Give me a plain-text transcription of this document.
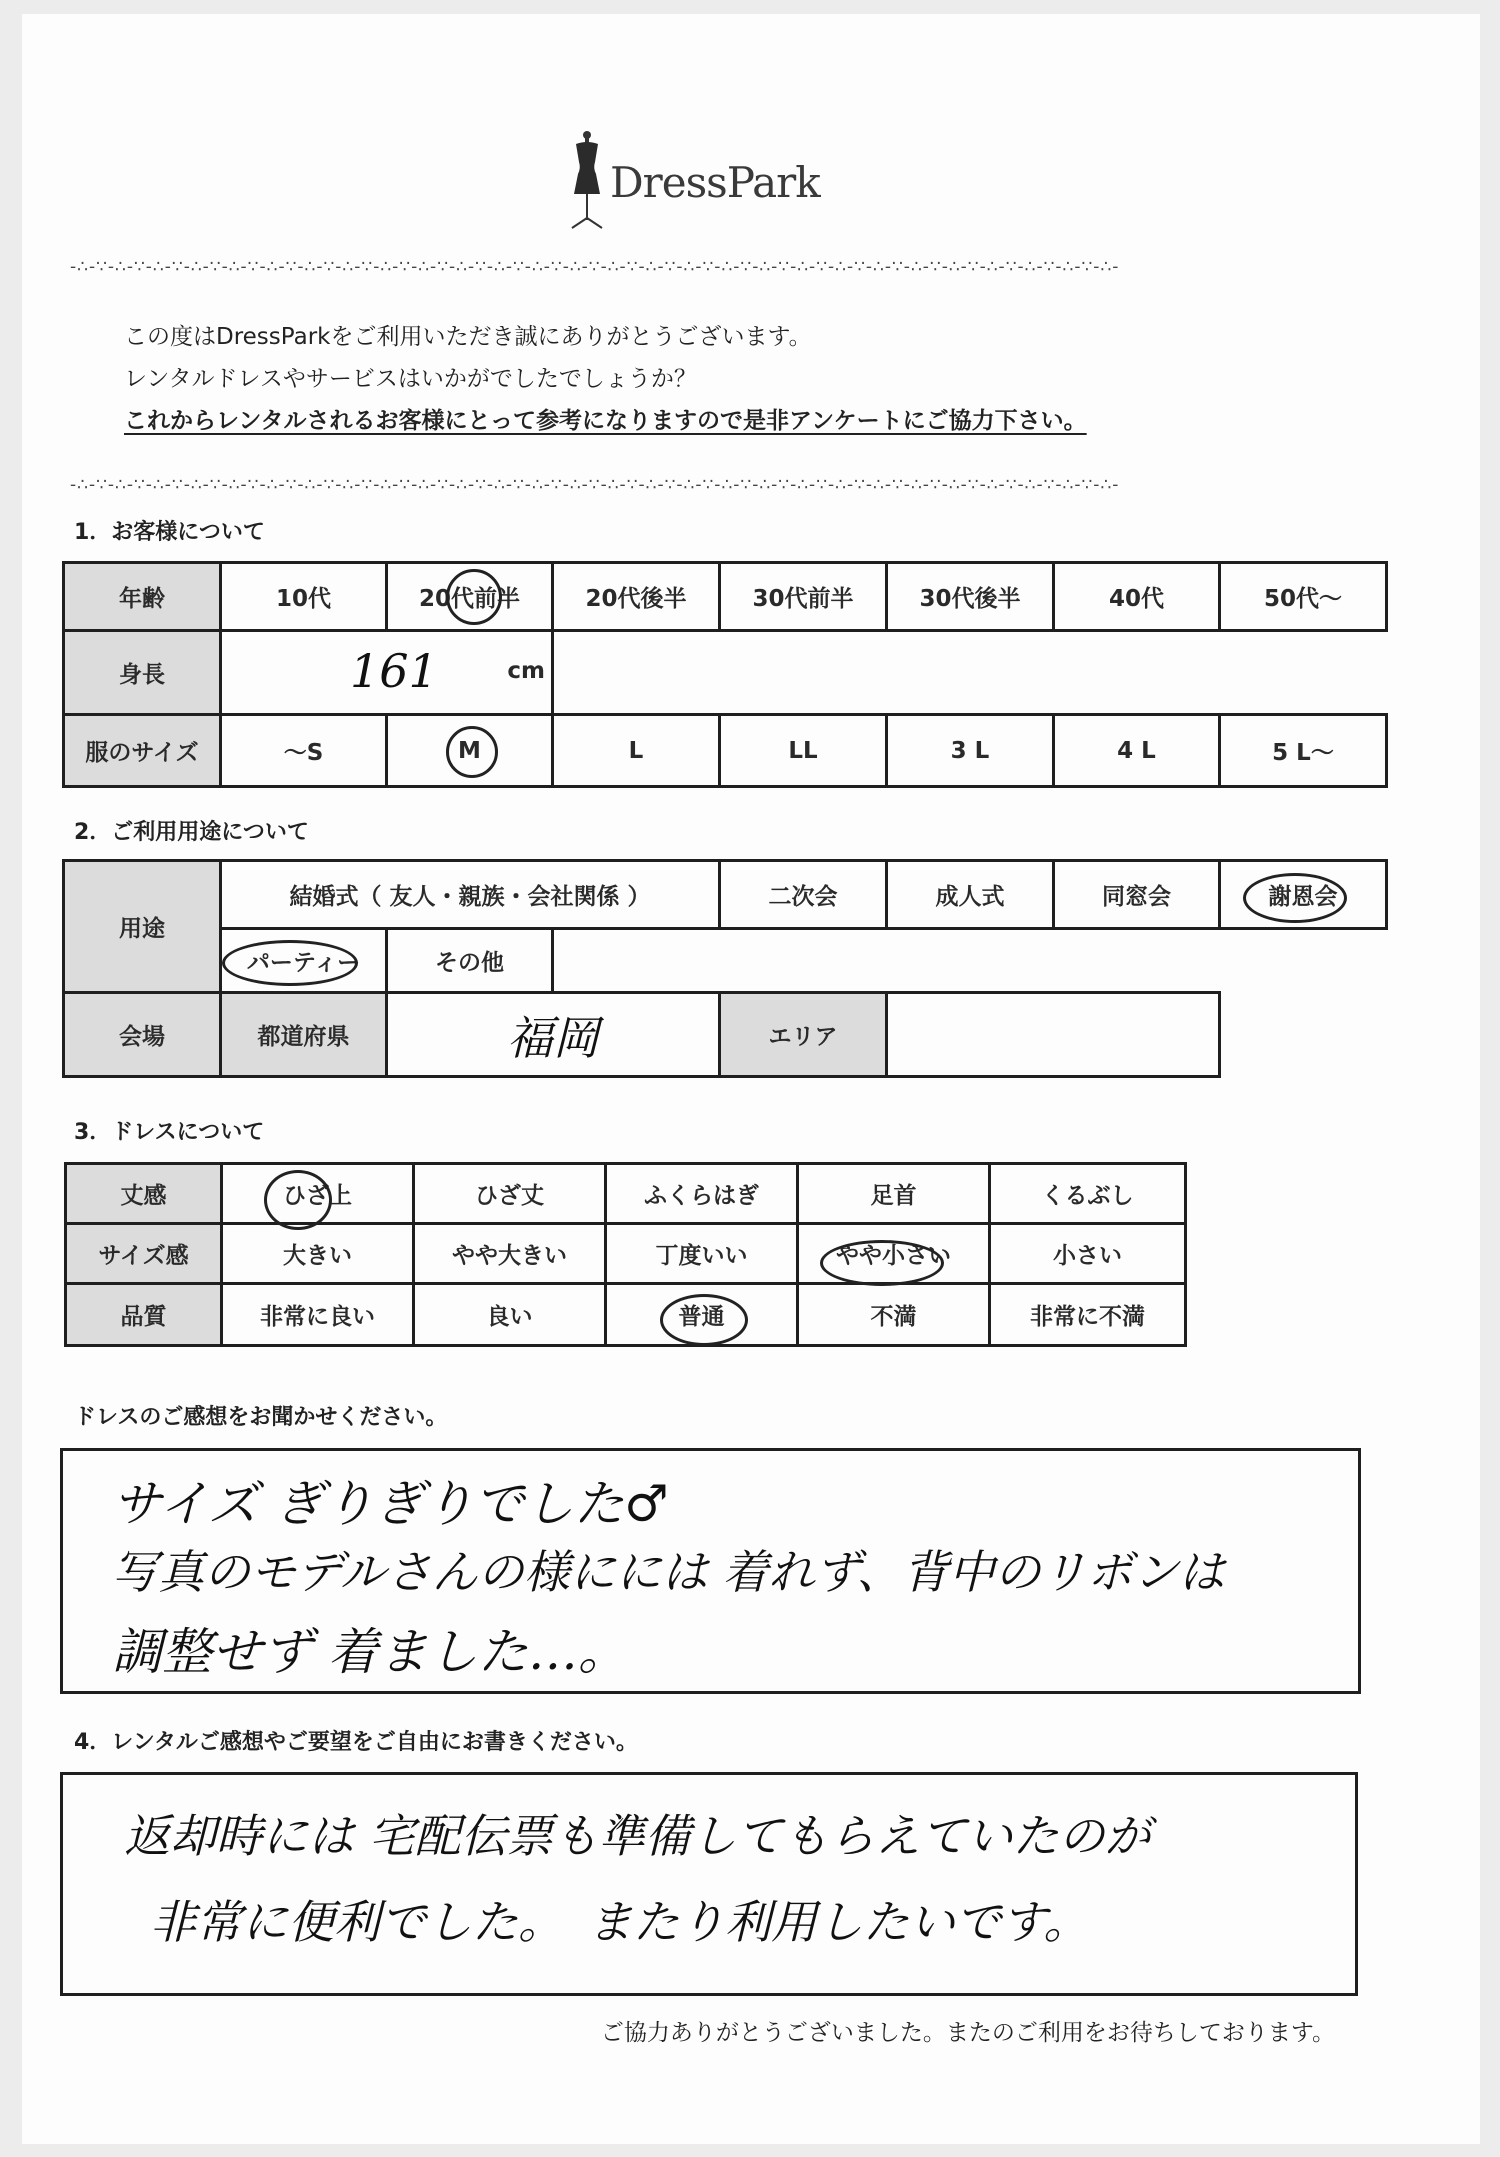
DressPark
-∴-∵-∴-∵-∴-∵-∴-∵-∴-∵-∴-∵-∴-∵-∴-∵-∴-∵-∴-∵-∴-∵-∴-∵-∴-∵-∴-∵-∴-∵-∴-∵-∴-∵-∴-∵-∴-∵-∴-∵-∴-∵-∴-∵-∴-∵-∴-∵-∴-∵-∴-∵-∴-∵-∴-
この度はDressParkをご利用いただき誠にありがとうございます。
レンタルドレスやサービスはいかがでしたでしょうか？
これからレンタルされるお客様にとって参考になりますので是非アンケートにご協力下さい。
-∴-∵-∴-∵-∴-∵-∴-∵-∴-∵-∴-∵-∴-∵-∴-∵-∴-∵-∴-∵-∴-∵-∴-∵-∴-∵-∴-∵-∴-∵-∴-∵-∴-∵-∴-∵-∴-∵-∴-∵-∴-∵-∴-∵-∴-∵-∴-∵-∴-∵-∴-∵-∴-∵-∴-
1．お客様について
年齢	10代	20代前半	20代後半	30代前半	30代後半	40代	50代～
身長	161 cm						

服のサイズ	～S	M	L	LL	3 L	4 L	5 L～
2．ご利用用途について
用途	結婚式（ 友人・親族・会社関係 ）			二次会	成人式	同窓会	謝恩会
	パーティー	その他					
会場	都道府県	福岡		エリア			
3．ドレスについて
丈感	ひざ上	ひざ丈	ふくらはぎ	足首	くるぶし
サイズ感	大きい	やや大きい	丁度いい	やや小さい	小さい
品質	非常に良い	良い	普通	不満	非常に不満
ドレスのご感想をお聞かせください。
サイズ ぎりぎりでした♂
写真のモデルさんの様にには 着れず、背中のリボンは
調整せず 着ました…。
4．レンタルご感想やご要望をご自由にお書きください。
返却時には 宅配伝票も準備してもらえていたのが
非常に便利でした。　またり利用したいです。
ご協力ありがとうございました。またのご利用をお待ちしております。
